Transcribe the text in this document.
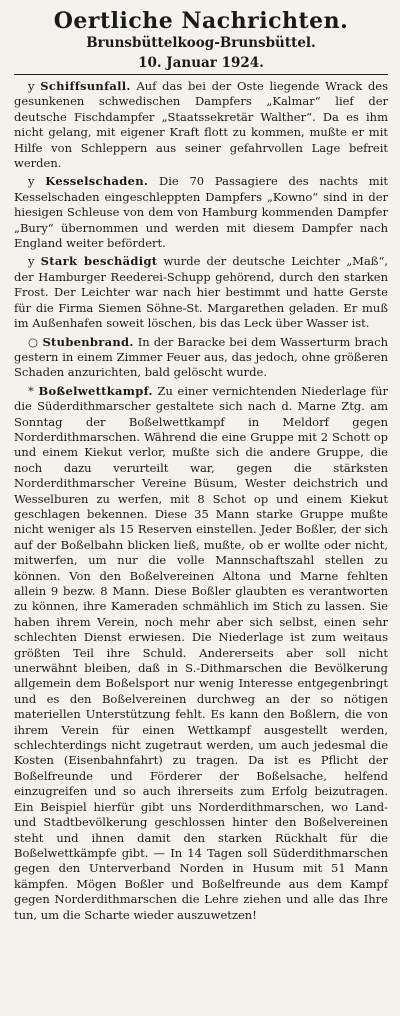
Oertliche Nachrichten.

Brunsbüttelkoog-Brunsbüttel.

10. Januar 1924.

y Schiffsunfall. Auf das bei der Oste liegende Wrack des gesunkenen schwedischen Dampfers „Kalmar“ lief der deutsche Fischdampfer „Staatssekretär Walther“. Da es ihm nicht gelang, mit eigener Kraft flott zu kommen, mußte er mit Hilfe von Schleppern aus seiner gefahrvollen Lage befreit werden.

y Kesselschaden. Die 70 Passagiere des nachts mit Kesselschaden eingeschleppten Dampfers „Kowno“ sind in der hiesigen Schleuse von dem von Hamburg kommenden Dampfer „Bury“ übernommen und werden mit diesem Dampfer nach England weiter befördert.

y Stark beschädigt wurde der deutsche Leichter „Maß“, der Hamburger Reederei-Schupp gehörend, durch den starken Frost. Der Leichter war nach hier bestimmt und hatte Gerste für die Firma Siemen Söhne-St. Margarethen geladen. Er muß im Außenhafen soweit löschen, bis das Leck über Wasser ist.

○ Stubenbrand. In der Baracke bei dem Wasserturm brach gestern in einem Zimmer Feuer aus, das jedoch, ohne größeren Schaden anzurichten, bald gelöscht wurde.

* Boßelwettkampf. Zu einer vernichtenden Niederlage für die Süderdithmarscher gestaltete sich nach d. Marne Ztg. am Sonntag der Boßelwettkampf in Meldorf gegen Norderdithmarschen. Während die eine Gruppe mit 2 Schott op und einem Kiekut verlor, mußte sich die andere Gruppe, die noch dazu verurteilt war, gegen die stärksten Norderdithmarscher Vereine Büsum, Wester deichstrich und Wesselburen zu werfen, mit 8 Schot op und einem Kiekut geschlagen bekennen. Diese 35 Mann starke Gruppe mußte nicht weniger als 15 Reserven einstellen. Jeder Boßler, der sich auf der Boßelbahn blicken ließ, mußte, ob er wollte oder nicht, mitwerfen, um nur die volle Mannschaftszahl stellen zu können. Von den Boßelvereinen Altona und Marne fehlten allein 9 bezw. 8 Mann. Diese Boßler glaubten es verantworten zu können, ihre Kameraden schmählich im Stich zu lassen. Sie haben ihrem Verein, noch mehr aber sich selbst, einen sehr schlechten Dienst erwiesen. Die Niederlage ist zum weitaus größten Teil ihre Schuld. Andererseits aber soll nicht unerwähnt bleiben, daß in S.-Dithmarschen die Bevölkerung allgemein dem Boßelsport nur wenig Interesse entgegenbringt und es den Boßelvereinen durchweg an der so nötigen materiellen Unterstützung fehlt. Es kann den Boßlern, die von ihrem Verein für einen Wettkampf ausgestellt werden, schlechterdings nicht zugetraut werden, um auch jedesmal die Kosten (Eisenbahnfahrt) zu tragen. Da ist es Pflicht der Boßelfreunde und Förderer der Boßelsache, helfend einzugreifen und so auch ihrerseits zum Erfolg beizutragen. Ein Beispiel hierfür gibt uns Norderdithmarschen, wo Land- und Stadtbevölkerung geschlossen hinter den Boßelvereinen steht und ihnen damit den starken Rückhalt für die Boßelwettkämpfe gibt. — In 14 Tagen soll Süderdithmarschen gegen den Unterverband Norden in Husum mit 51 Mann kämpfen. Mögen Boßler und Boßelfreunde aus dem Kampf gegen Norderdithmarschen die Lehre ziehen und alle das Ihre tun, um die Scharte wieder auszuwetzen!
